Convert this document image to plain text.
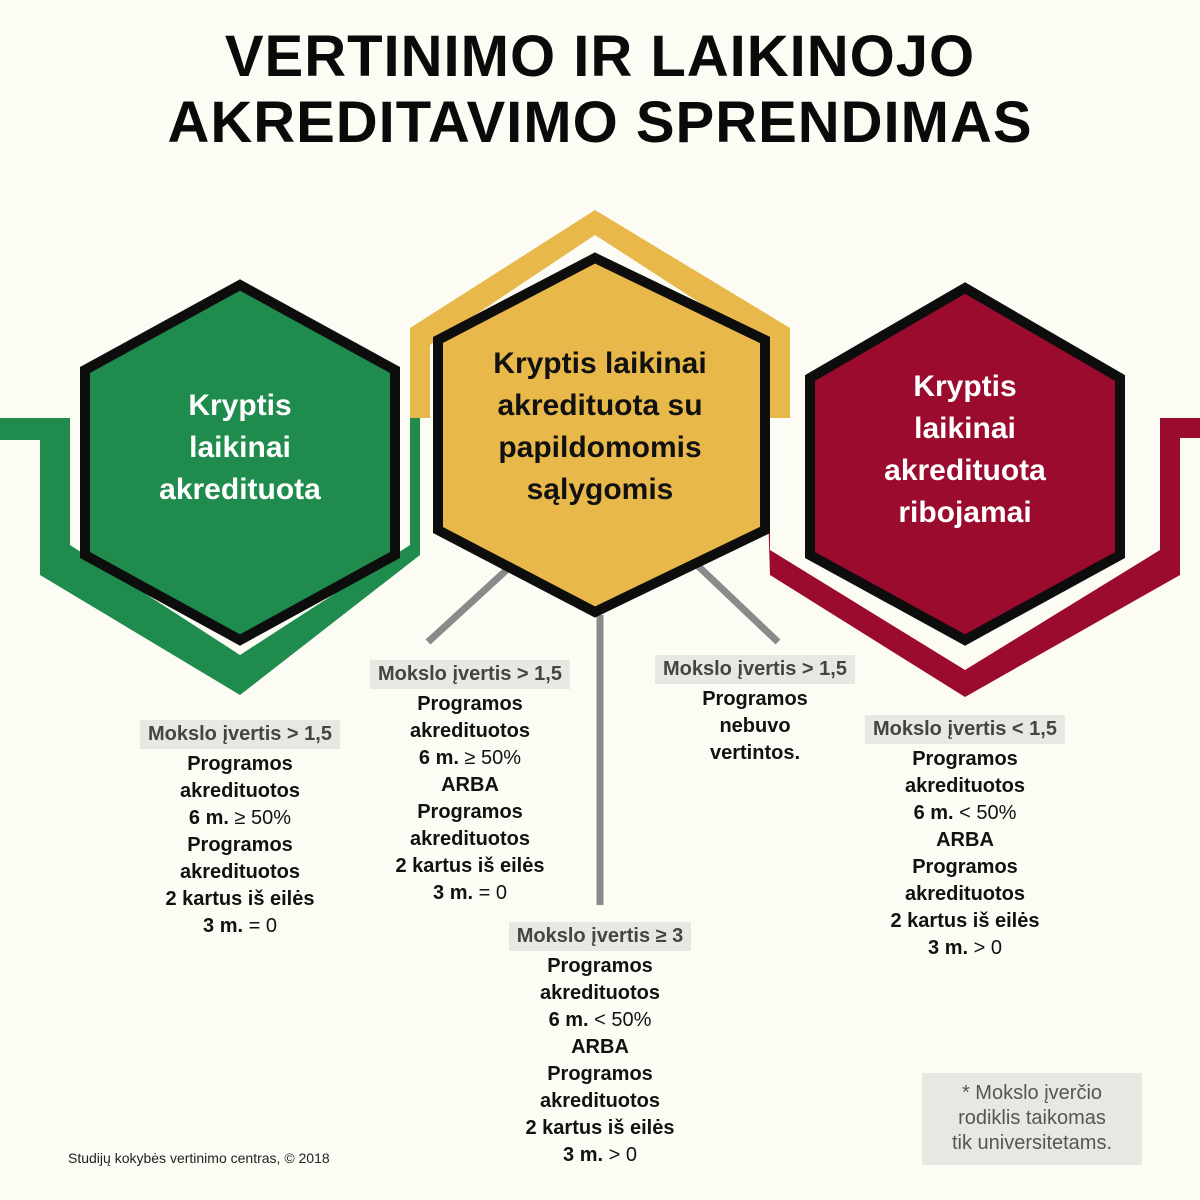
VERTINIMO IR LAIKINOJO
AKREDITAVIMO SPRENDIMAS
Kryptis
laikinai
akredituota
Kryptis laikinai
akredituota su
papildomomis
sąlygomis
Kryptis
laikinai
akredituota
ribojamai
Mokslo įvertis > 1,5
Programos
akredituotos
6 m. ≥ 50%
Programos
akredituotos
2 kartus iš eilės
3 m. = 0
Mokslo įvertis > 1,5
Programos
akredituotos
6 m. ≥ 50%
ARBA
Programos
akredituotos
2 kartus iš eilės
3 m. = 0
Mokslo įvertis > 1,5
Programos
nebuvo
vertintos.
Mokslo įvertis ≥ 3
Programos
akredituotos
6 m. < 50%
ARBA
Programos
akredituotos
2 kartus iš eilės
3 m. > 0
Mokslo įvertis < 1,5
Programos
akredituotos
6 m. < 50%
ARBA
Programos
akredituotos
2 kartus iš eilės
3 m. > 0
* Mokslo įverčio
rodiklis taikomas
tik universitetams.
Studijų kokybės vertinimo centras, © 2018
